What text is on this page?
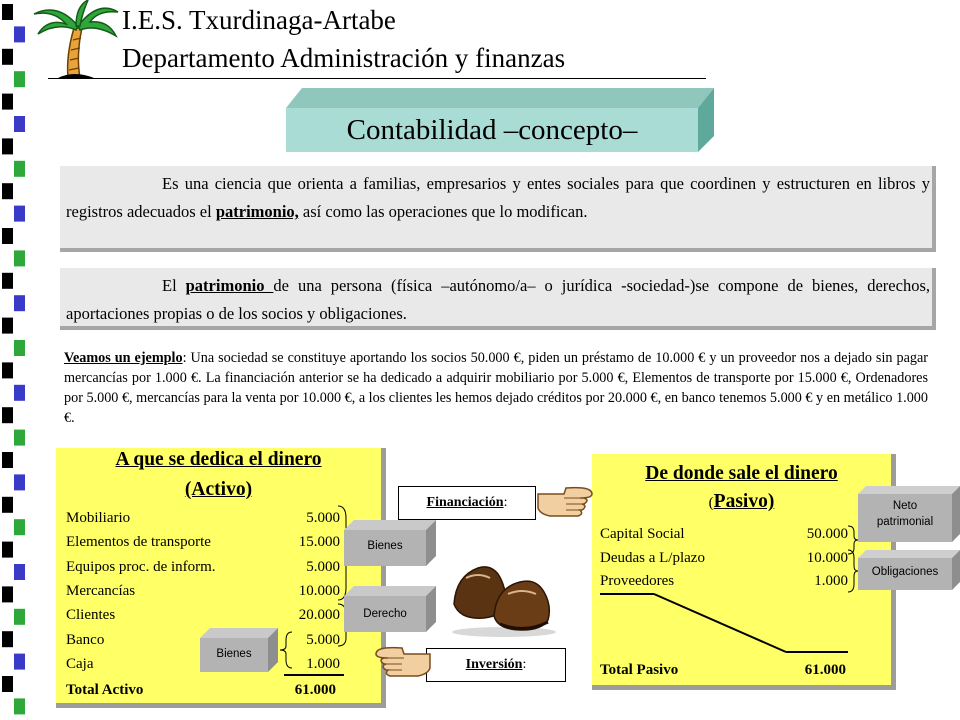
I.E.S. Txurdinaga-Artabe
Departamento Administración y finanzas
Contabilidad –concepto–
Es una ciencia que orienta a familias, empresarios y entes sociales para que coordinen y estructuren en libros y registros adecuados el patrimonio, así como las operaciones que lo modifican.
El patrimonio de una persona (física –autónomo/a– o jurídica -sociedad-)se compone de bienes, derechos, aportaciones propias o de los socios y obligaciones.
Veamos un ejemplo: Una sociedad se constituye aportando los socios 50.000 €, piden un préstamo de 10.000 € y un proveedor nos a dejado sin pagar mercancías por 1.000 €. La financiación anterior se ha dedicado a adquirir mobiliario por 5.000 €, Elementos de transporte por 15.000 €, Ordenadores por 5.000 €, mercancías para la venta por 10.000 €, a los clientes les hemos dejado créditos por 20.000 €, en banco tenemos 5.000 € y en metálico 1.000 €.
A que se dedica el dinero
(Activo)
Mobiliario	5.000
Elementos de transporte	15.000
Equipos proc. de inform.	5.000
Mercancías	10.000
Clientes	20.000
Banco	5.000
Caja	1.000
Total Activo	61.000
Bienes
Derecho
Bienes
De donde sale el dinero
(Pasivo)
Capital Social	50.000
Deudas a L/plazo	10.000
Proveedores	1.000
Total Pasivo	61.000
Neto
patrimonial
Obligaciones
Financiación:
Inversión:
